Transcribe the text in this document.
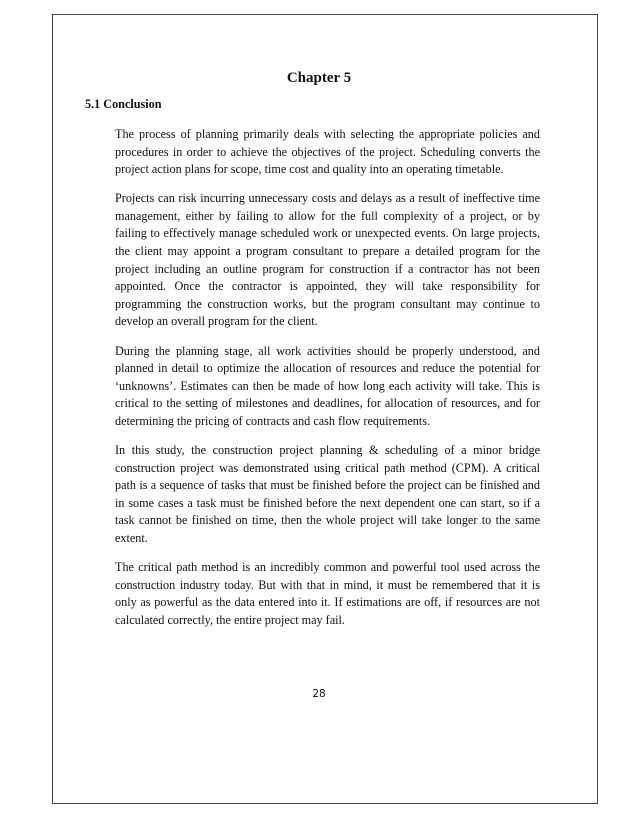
Chapter 5
5.1 Conclusion

The process of planning primarily deals with selecting the appropriate policies and procedures in order to achieve the objectives of the project. Scheduling converts the project action plans for scope, time cost and quality into an operating timetable.

Projects can risk incurring unnecessary costs and delays as a result of ineffective time management, either by failing to allow for the full complexity of a project, or by failing to effectively manage scheduled work or unexpected events. On large projects, the client may appoint a program consultant to prepare a detailed program for the project including an outline program for construction if a contractor has not been appointed. Once the contractor is appointed, they will take responsibility for programming the construction works, but the program consultant may continue to develop an overall program for the client.

During the planning stage, all work activities should be properly understood, and planned in detail to optimize the allocation of resources and reduce the potential for ‘unknowns’. Estimates can then be made of how long each activity will take. This is critical to the setting of milestones and deadlines, for allocation of resources, and for determining the pricing of contracts and cash flow requirements.

In this study, the construction project planning & scheduling of a minor bridge construction project was demonstrated using critical path method (CPM). A critical path is a sequence of tasks that must be finished before the project can be finished and in some cases a task must be finished before the next dependent one can start, so if a task cannot be finished on time, then the whole project will take longer to the same extent.

The critical path method is an incredibly common and powerful tool used across the construction industry today. But with that in mind, it must be remembered that it is only as powerful as the data entered into it. If estimations are off, if resources are not calculated correctly, the entire project may fail.

28
